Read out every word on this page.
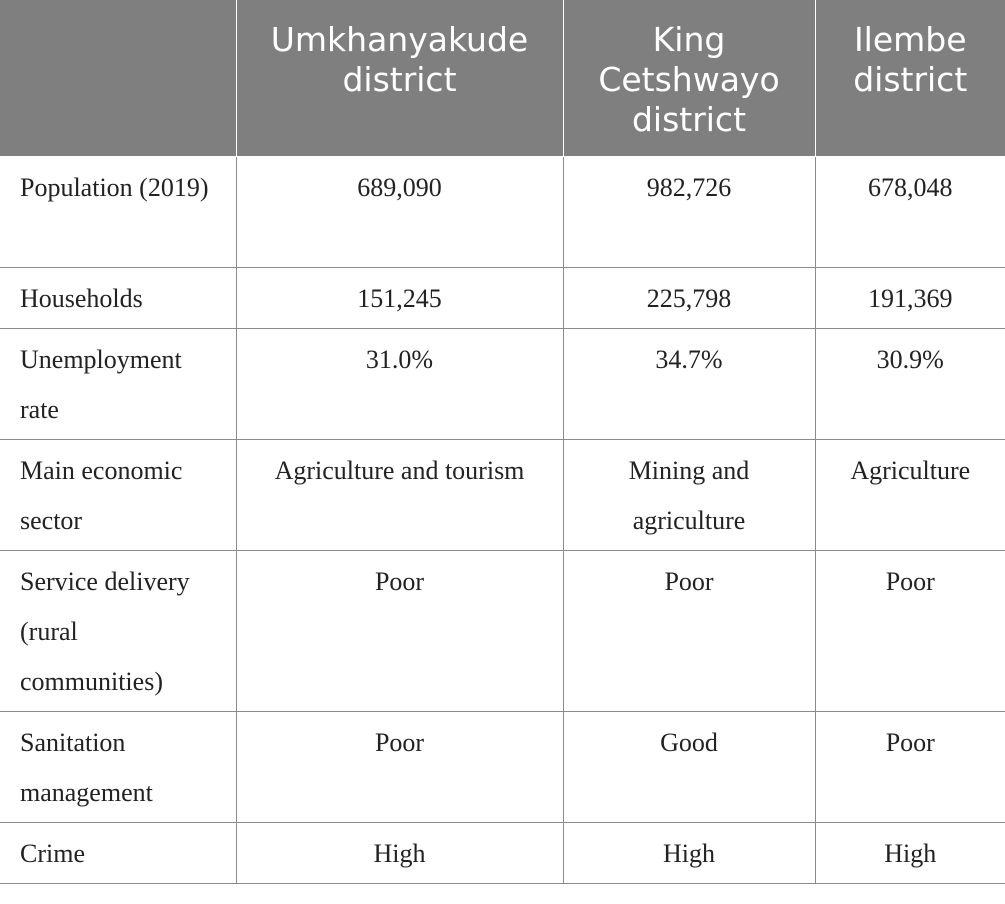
	Umkhanyakude district	King Cetshwayo district	Ilembe district
Population (2019)	689,090	982,726	678,048
Households	151,245	225,798	191,369
Unemployment rate	31.0%	34.7%	30.9%
Main economic sector	Agriculture and tourism	Mining and agriculture	Agriculture
Service delivery (rural communities)	Poor	Poor	Poor
Sanitation management	Poor	Good	Poor
Crime	High	High	High
